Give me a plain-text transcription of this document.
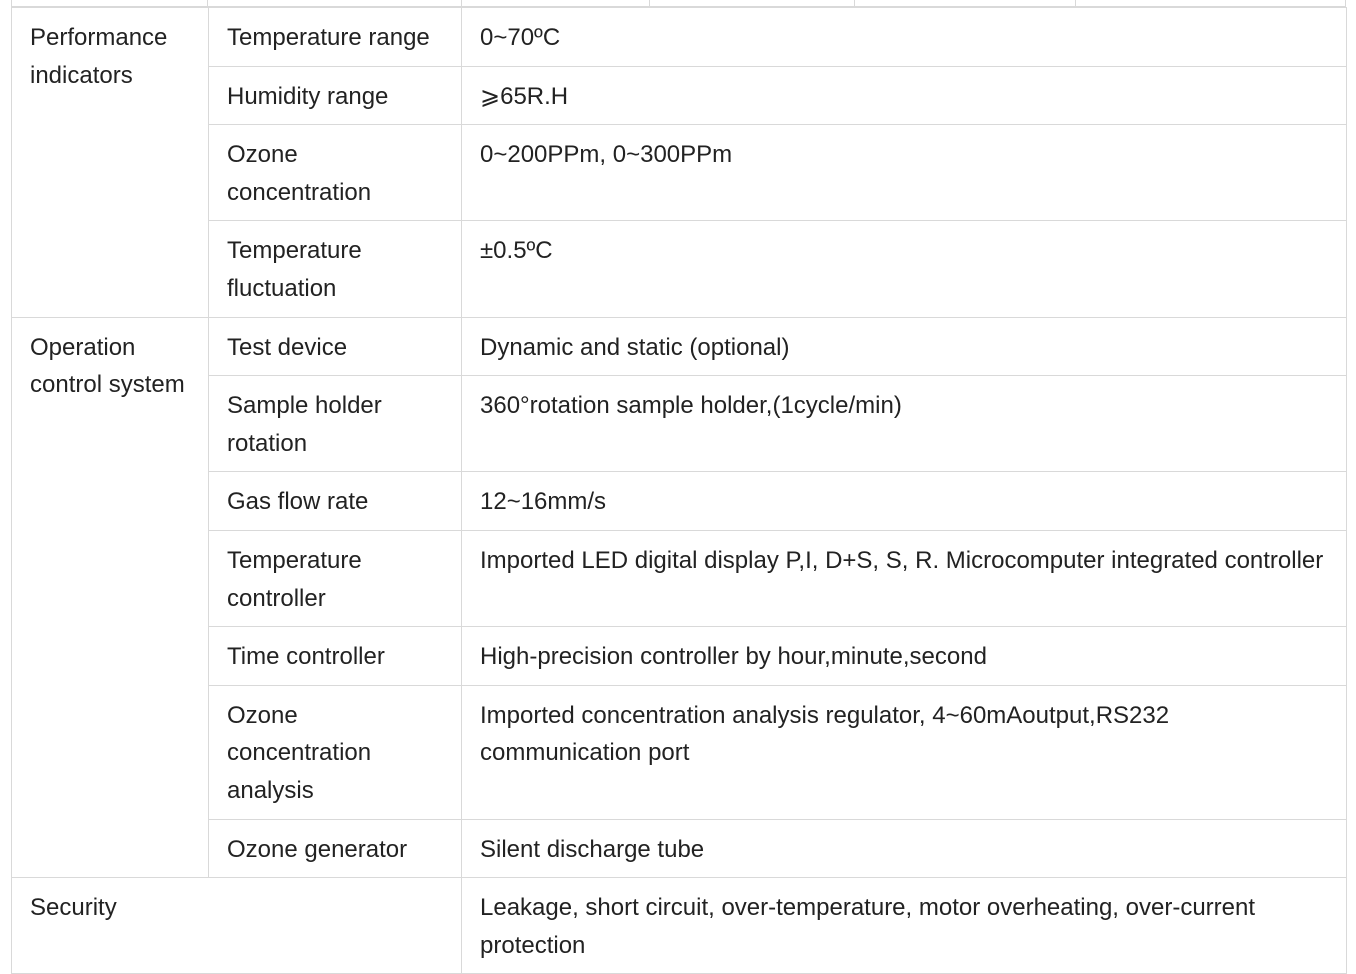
Performance indicators	Temperature range	0~70ºC
	Humidity range	⩾65R.H
	Ozone concentration	0~200PPm, 0~300PPm
	Temperature fluctuation	±0.5ºC
Operation control system	Test device	Dynamic and static (optional)
	Sample holder rotation	360°rotation sample holder,(1cycle/min)
	Gas flow rate	12~16mm/s
	Temperature controller	Imported LED digital display P,I, D+S, S, R. Microcomputer integrated controller
	Time controller	High-precision controller by hour,minute,second
	Ozone concentration analysis	Imported concentration analysis regulator, 4~60mAoutput,RS232 communication port
	Ozone generator	Silent discharge tube
Security		Leakage, short circuit, over-temperature, motor overheating, over-current protection
